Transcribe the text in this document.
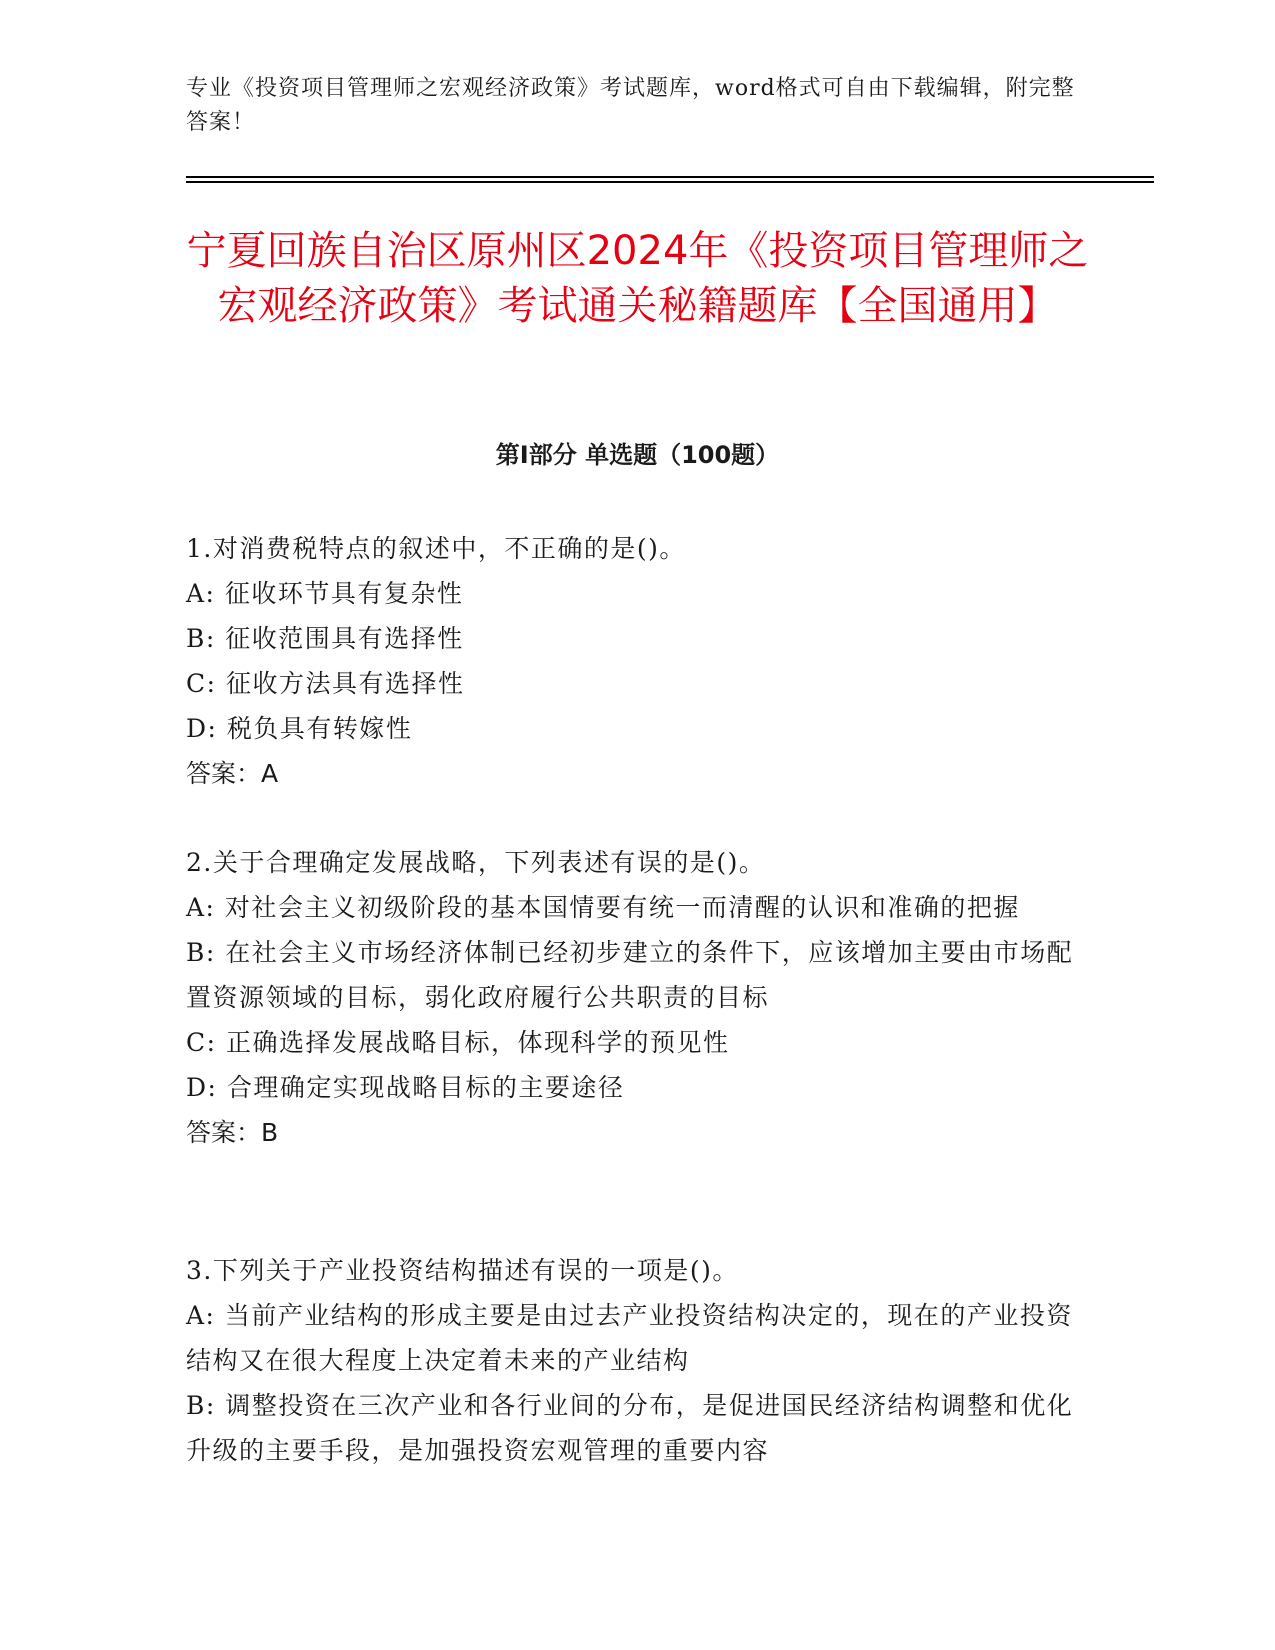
专业《投资项目管理师之宏观经济政策》考试题库，word格式可自由下载编辑，附完整答案！
宁夏回族自治区原州区2024年《投资项目管理师之宏观经济政策》考试通关秘籍题库【全国通用】
第I部分 单选题（100题）
1.对消费税特点的叙述中，不正确的是()。
A: 征收环节具有复杂性
B: 征收范围具有选择性
C: 征收方法具有选择性
D: 税负具有转嫁性
答案：A
2.关于合理确定发展战略，下列表述有误的是()。
A: 对社会主义初级阶段的基本国情要有统一而清醒的认识和准确的把握
B: 在社会主义市场经济体制已经初步建立的条件下，应该增加主要由市场配置资源领域的目标，弱化政府履行公共职责的目标
C: 正确选择发展战略目标，体现科学的预见性
D: 合理确定实现战略目标的主要途径
答案：B
3.下列关于产业投资结构描述有误的一项是()。
A: 当前产业结构的形成主要是由过去产业投资结构决定的，现在的产业投资结构又在很大程度上决定着未来的产业结构
B: 调整投资在三次产业和各行业间的分布，是促进国民经济结构调整和优化升级的主要手段，是加强投资宏观管理的重要内容
